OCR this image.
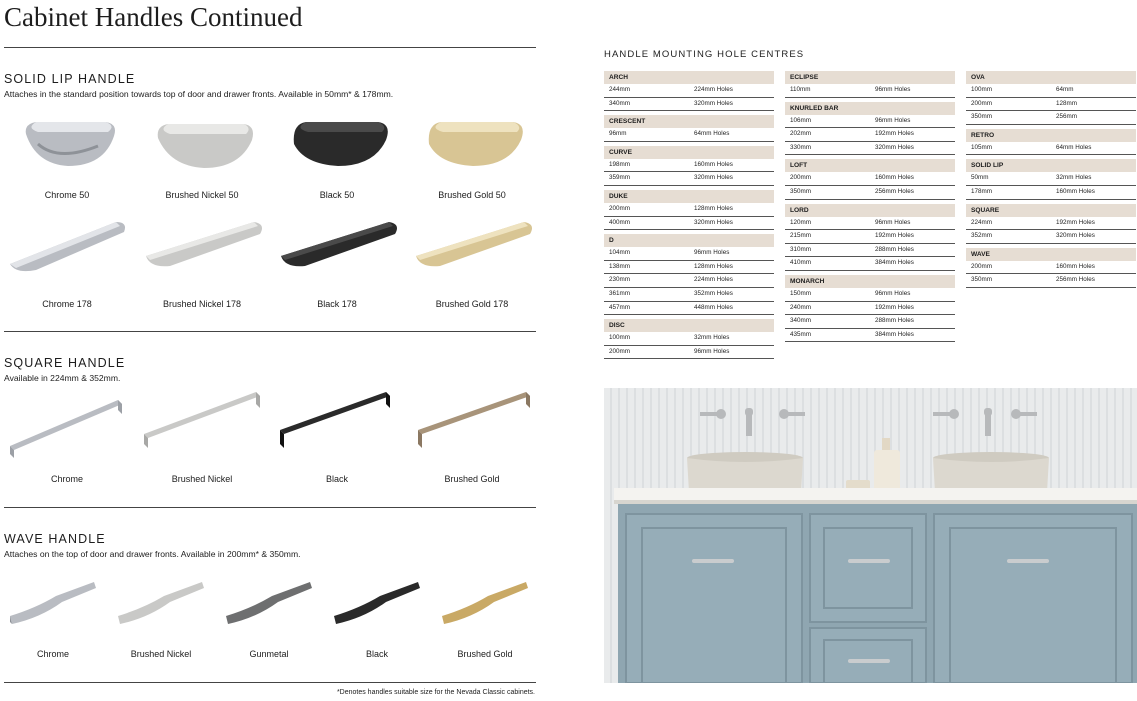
Cabinet Handles Continued
SOLID LIP HANDLE
Attaches in the standard position towards top of door and drawer fronts. Available in 50mm* & 178mm.
Chrome 50	Brushed Nickel 50	Black 50	Brushed Gold 50
Chrome 178	Brushed Nickel 178	Black 178	Brushed Gold 178
SQUARE HANDLE
Available in 224mm & 352mm.
Chrome	Brushed Nickel	Black	Brushed Gold
WAVE HANDLE
Attaches on the top of door and drawer fronts. Available in 200mm* & 350mm.
Chrome	Brushed Nickel	Gunmetal	Black	Brushed Gold
*Denotes handles suitable size for the Nevada Classic cabinets.
HANDLE MOUNTING HOLE CENTRES
ARCH
244mm	224mm Holes
340mm	320mm Holes
CRESCENT
96mm	64mm Holes
CURVE
198mm	160mm Holes
359mm	320mm Holes
DUKE
200mm	128mm Holes
400mm	320mm Holes
D
104mm	96mm Holes
138mm	128mm Holes
230mm	224mm Holes
361mm	352mm Holes
457mm	448mm Holes
DISC
100mm	32mm Holes
200mm	96mm Holes
ECLIPSE
110mm	96mm Holes
KNURLED BAR
106mm	96mm Holes
202mm	192mm Holes
330mm	320mm Holes
LOFT
200mm	160mm Holes
350mm	256mm Holes
LORD
120mm	96mm Holes
215mm	192mm Holes
310mm	288mm Holes
410mm	384mm Holes
MONARCH
150mm	96mm Holes
240mm	192mm Holes
340mm	288mm Holes
435mm	384mm Holes
OVA
100mm	64mm
200mm	128mm
350mm	256mm
RETRO
105mm	64mm Holes
SOLID LIP
50mm	32mm Holes
178mm	160mm Holes
SQUARE
224mm	192mm Holes
352mm	320mm Holes
WAVE
200mm	160mm Holes
350mm	256mm Holes
